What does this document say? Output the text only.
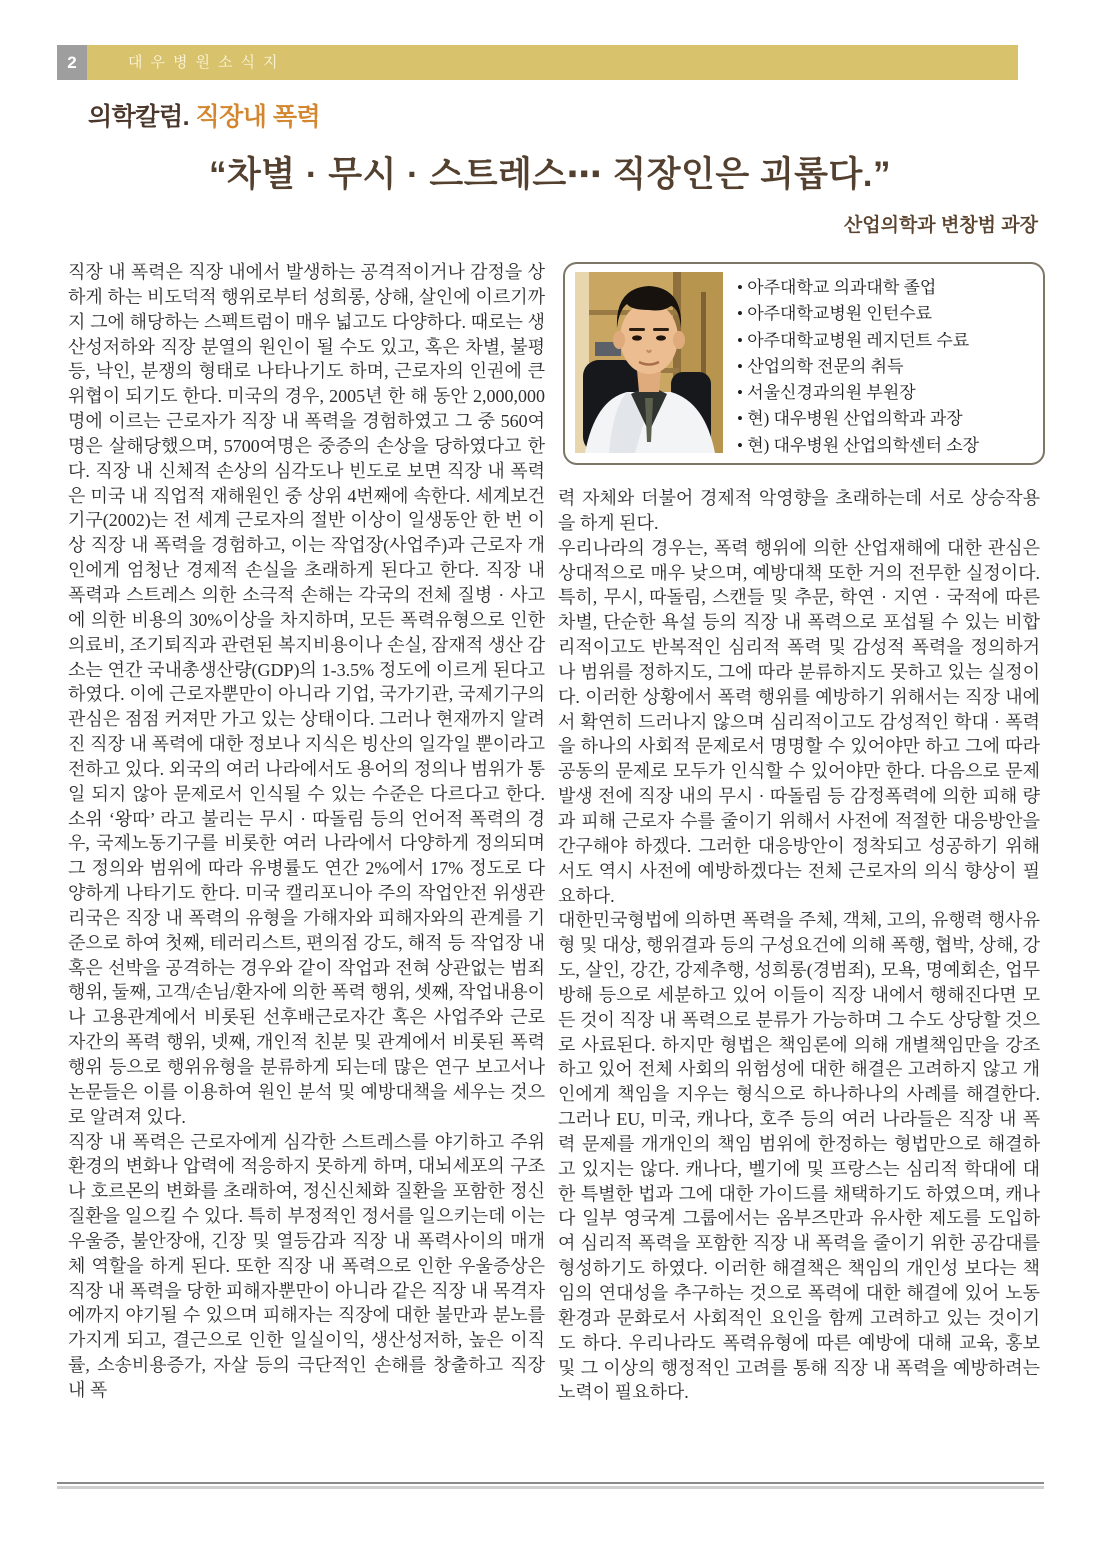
2	대우병원소식지
의학칼럼. 직장내 폭력
“차별 · 무시 · 스트레스⋯ 직장인은 괴롭다.”
산업의학과 변창범 과장
• 아주대학교 의과대학 졸업
• 아주대학교병원 인턴수료
• 아주대학교병원 레지던트 수료
• 산업의학 전문의 취득
• 서울신경과의원 부원장
• 현) 대우병원 산업의학과 과장
• 현) 대우병원 산업의학센터 소장

직장 내 폭력은 직장 내에서 발생하는 공격적이거나 감정을 상하게 하는 비도덕적 행위로부터 성희롱, 상해, 살인에 이르기까지 그에 해당하는 스펙트럼이 매우 넓고도 다양하다. 때로는 생산성저하와 직장 분열의 원인이 될 수도 있고, 혹은 차별, 불평등, 낙인, 분쟁의 형태로 나타나기도 하며, 근로자의 인권에 큰 위협이 되기도 한다. 미국의 경우, 2005년 한 해 동안 2,000,000명에 이르는 근로자가 직장 내 폭력을 경험하였고 그 중 560여명은 살해당했으며, 5700여명은 중증의 손상을 당하였다고 한다. 직장 내 신체적 손상의 심각도나 빈도로 보면 직장 내 폭력은 미국 내 직업적 재해원인 중 상위 4번째에 속한다. 세계보건기구(2002)는 전 세계 근로자의 절반 이상이 일생동안 한 번 이상 직장 내 폭력을 경험하고, 이는 작업장(사업주)과 근로자 개인에게 엄청난 경제적 손실을 초래하게 된다고 한다. 직장 내 폭력과 스트레스 의한 소극적 손해는 각국의 전체 질병 · 사고에 의한 비용의 30%이상을 차지하며, 모든 폭력유형으로 인한 의료비, 조기퇴직과 관련된 복지비용이나 손실, 잠재적 생산 감소는 연간 국내총생산량(GDP)의 1-3.5% 정도에 이르게 된다고 하였다. 이에 근로자뿐만이 아니라 기업, 국가기관, 국제기구의 관심은 점점 커져만 가고 있는 상태이다. 그러나 현재까지 알려진 직장 내 폭력에 대한 정보나 지식은 빙산의 일각일 뿐이라고 전하고 있다. 외국의 여러 나라에서도 용어의 정의나 범위가 통일 되지 않아 문제로서 인식될 수 있는 수준은 다르다고 한다. 소위 ‘왕따’ 라고 불리는 무시 · 따돌림 등의 언어적 폭력의 경우, 국제노동기구를 비롯한 여러 나라에서 다양하게 정의되며 그 정의와 범위에 따라 유병률도 연간 2%에서 17% 정도로 다양하게 나타기도 한다. 미국 캘리포니아 주의 작업안전 위생관리국은 직장 내 폭력의 유형을 가해자와 피해자와의 관계를 기준으로 하여 첫째, 테러리스트, 편의점 강도, 해적 등 작업장 내 혹은 선박을 공격하는 경우와 같이 작업과 전혀 상관없는 범죄행위, 둘째, 고객/손님/환자에 의한 폭력 행위, 셋째, 작업내용이나 고용관계에서 비롯된 선후배근로자간 혹은 사업주와 근로자간의 폭력 행위, 넷째, 개인적 친분 및 관계에서 비롯된 폭력 행위 등으로 행위유형을 분류하게 되는데 많은 연구 보고서나 논문들은 이를 이용하여 원인 분석 및 예방대책을 세우는 것으로 알려져 있다.

직장 내 폭력은 근로자에게 심각한 스트레스를 야기하고 주위환경의 변화나 압력에 적응하지 못하게 하며, 대뇌세포의 구조나 호르몬의 변화를 초래하여, 정신신체화 질환을 포함한 정신질환을 일으킬 수 있다. 특히 부정적인 정서를 일으키는데 이는 우울증, 불안장애, 긴장 및 열등감과 직장 내 폭력사이의 매개체 역할을 하게 된다. 또한 직장 내 폭력으로 인한 우울증상은 직장 내 폭력을 당한 피해자뿐만이 아니라 같은 직장 내 목격자에까지 야기될 수 있으며 피해자는 직장에 대한 불만과 분노를 가지게 되고, 결근으로 인한 일실이익, 생산성저하, 높은 이직률, 소송비용증가, 자살 등의 극단적인 손해를 창출하고 직장 내 폭

력 자체와 더불어 경제적 악영향을 초래하는데 서로 상승작용을 하게 된다.

우리나라의 경우는, 폭력 행위에 의한 산업재해에 대한 관심은 상대적으로 매우 낮으며, 예방대책 또한 거의 전무한 실정이다. 특히, 무시, 따돌림, 스캔들 및 추문, 학연 · 지연 · 국적에 따른 차별, 단순한 욕설 등의 직장 내 폭력으로 포섭될 수 있는 비합리적이고도 반복적인 심리적 폭력 및 감성적 폭력을 정의하거나 범위를 정하지도, 그에 따라 분류하지도 못하고 있는 실정이다. 이러한 상황에서 폭력 행위를 예방하기 위해서는 직장 내에서 확연히 드러나지 않으며 심리적이고도 감성적인 학대 · 폭력을 하나의 사회적 문제로서 명명할 수 있어야만 하고 그에 따라 공동의 문제로 모두가 인식할 수 있어야만 한다. 다음으로 문제 발생 전에 직장 내의 무시 · 따돌림 등 감정폭력에 의한 피해 량과 피해 근로자 수를 줄이기 위해서 사전에 적절한 대응방안을 간구해야 하겠다. 그러한 대응방안이 정착되고 성공하기 위해서도 역시 사전에 예방하겠다는 전체 근로자의 의식 향상이 필요하다.

대한민국형법에 의하면 폭력을 주체, 객체, 고의, 유행력 행사유형 및 대상, 행위결과 등의 구성요건에 의해 폭행, 협박, 상해, 강도, 살인, 강간, 강제추행, 성희롱(경범죄), 모욕, 명예회손, 업무방해 등으로 세분하고 있어 이들이 직장 내에서 행해진다면 모든 것이 직장 내 폭력으로 분류가 가능하며 그 수도 상당할 것으로 사료된다. 하지만 형법은 책임론에 의해 개별책임만을 강조하고 있어 전체 사회의 위험성에 대한 해결은 고려하지 않고 개인에게 책임을 지우는 형식으로 하나하나의 사례를 해결한다. 그러나 EU, 미국, 캐나다, 호주 등의 여러 나라들은 직장 내 폭력 문제를 개개인의 책임 범위에 한정하는 형법만으로 해결하고 있지는 않다. 캐나다, 벨기에 및 프랑스는 심리적 학대에 대한 특별한 법과 그에 대한 가이드를 채택하기도 하였으며, 캐나다 일부 영국계 그룹에서는 옴부즈만과 유사한 제도를 도입하여 심리적 폭력을 포함한 직장 내 폭력을 줄이기 위한 공감대를 형성하기도 하였다. 이러한 해결책은 책임의 개인성 보다는 책임의 연대성을 추구하는 것으로 폭력에 대한 해결에 있어 노동환경과 문화로서 사회적인 요인을 함께 고려하고 있는 것이기도 하다. 우리나라도 폭력유형에 따른 예방에 대해 교육, 홍보 및 그 이상의 행정적인 고려를 통해 직장 내 폭력을 예방하려는 노력이 필요하다.
